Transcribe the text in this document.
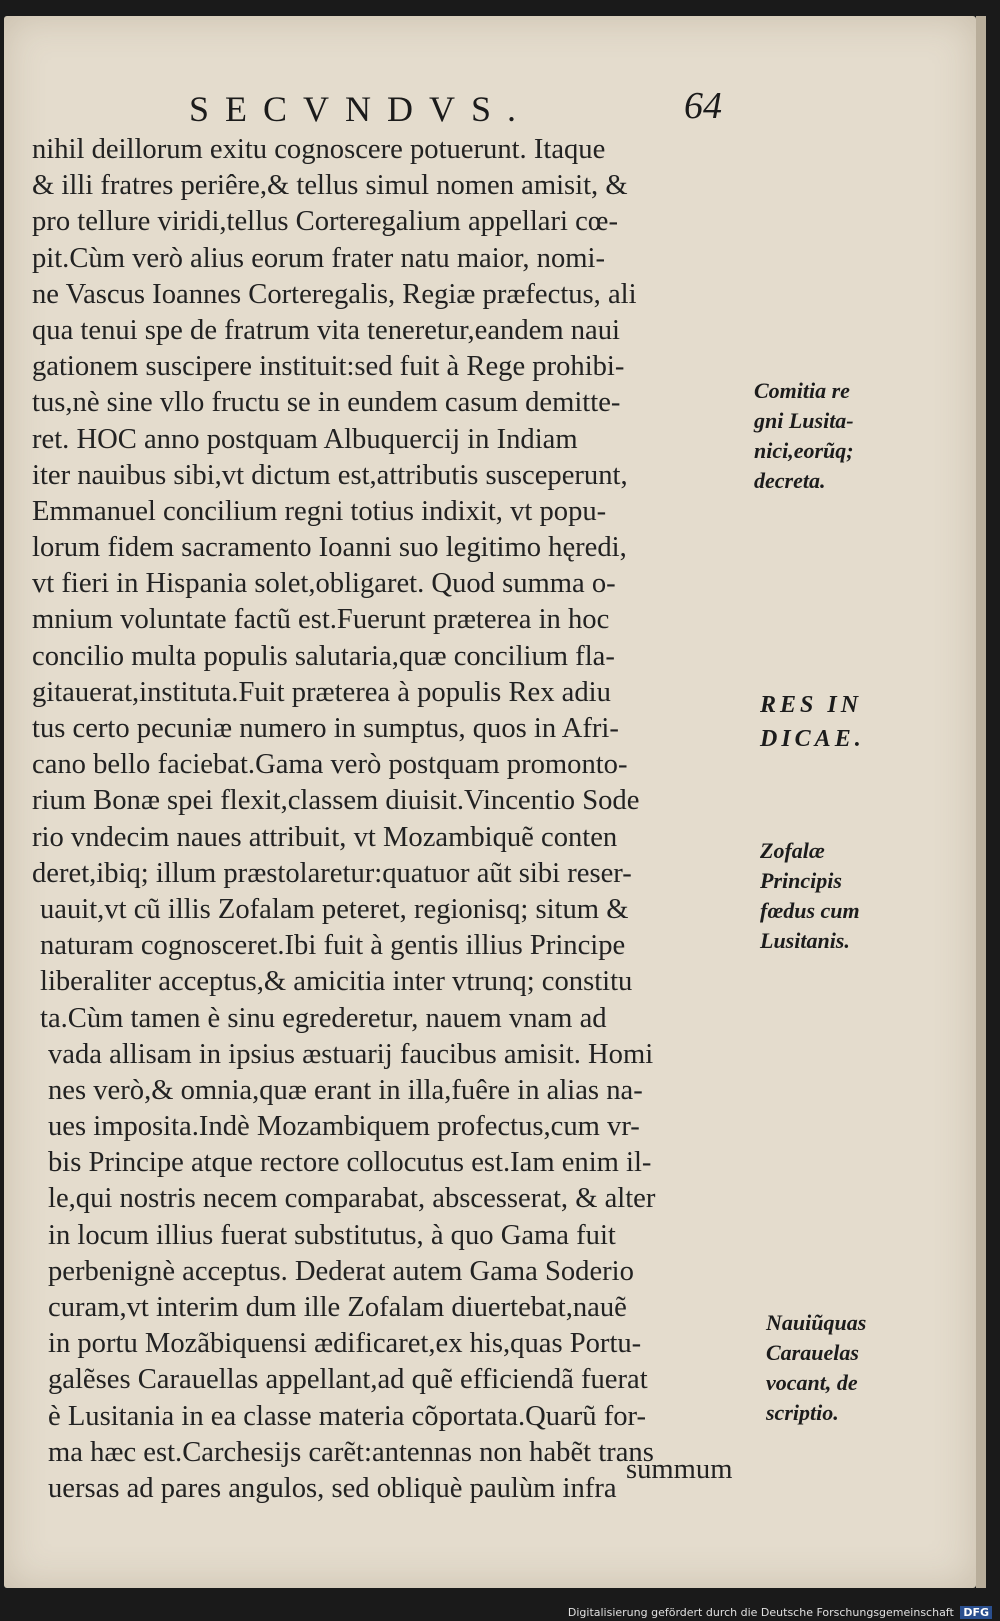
SECVNDVS.	64
nihil deillorum exitu cognoscere potuerunt. Itaque
& illi fratres periêre,& tellus simul nomen amisit, &
pro tellure viridi,tellus Corteregalium appellari cœ-
pit.Cùm verò alius eorum frater natu maior, nomi-
ne Vascus Ioannes Corteregalis, Regiæ præfectus, ali
qua tenui spe de fratrum vita teneretur,eandem naui
gationem suscipere instituit:sed fuit à Rege prohibi-
tus,nè sine vllo fructu se in eundem casum demitte-
ret. HOC anno postquam Albuquercij in Indiam
iter nauibus sibi,vt dictum est,attributis susceperunt,
Emmanuel concilium regni totius indixit, vt popu-
lorum fidem sacramento Ioanni suo legitimo hęredi,
vt fieri in Hispania solet,obligaret. Quod summa o-
mnium voluntate factũ est.Fuerunt præterea in hoc
concilio multa populis salutaria,quæ concilium fla-
gitauerat,instituta.Fuit præterea à populis Rex adiu
tus certo pecuniæ numero in sumptus, quos in Afri-
cano bello faciebat.Gama verò postquam promonto-
rium Bonæ spei flexit,classem diuisit.Vincentio Sode
rio vndecim naues attribuit, vt Mozambiquẽ conten
deret,ibiq; illum præstolaretur:quatuor aũt sibi reser-
uauit,vt cũ illis Zofalam peteret, regionisq; situm &
naturam cognosceret.Ibi fuit à gentis illius Principe
liberaliter acceptus,& amicitia inter vtrunq; constitu
ta.Cùm tamen è sinu egrederetur, nauem vnam ad
vada allisam in ipsius æstuarij faucibus amisit. Homi
nes verò,& omnia,quæ erant in illa,fuêre in alias na-
ues imposita.Indè Mozambiquem profectus,cum vr-
bis Principe atque rectore collocutus est.Iam enim il-
le,qui nostris necem comparabat, abscesserat, & alter
in locum illius fuerat substitutus, à quo Gama fuit
perbenignè acceptus. Dederat autem Gama Soderio
curam,vt interim dum ille Zofalam diuertebat,nauẽ
in portu Mozãbiquensi ædificaret,ex his,quas Portu-
galẽses Carauellas appellant,ad quẽ efficiendã fuerat
è Lusitania in ea classe materia cõportata.Quarũ for-
ma hæc est.Carchesijs carẽt:antennas non habẽt trans
uersas ad pares angulos, sed obliquè paulùm infra
summum
Comitia re
gni Lusita-
nici,eorũq;
decreta.
RES IN
DICAE.
Zofalæ
Principis
fœdus cum
Lusitanis.
Nauiũquas
Carauelas
vocant, de
scriptio.
Digitalisierung gefördert durch die Deutsche Forschungsgemeinschaft DFG
